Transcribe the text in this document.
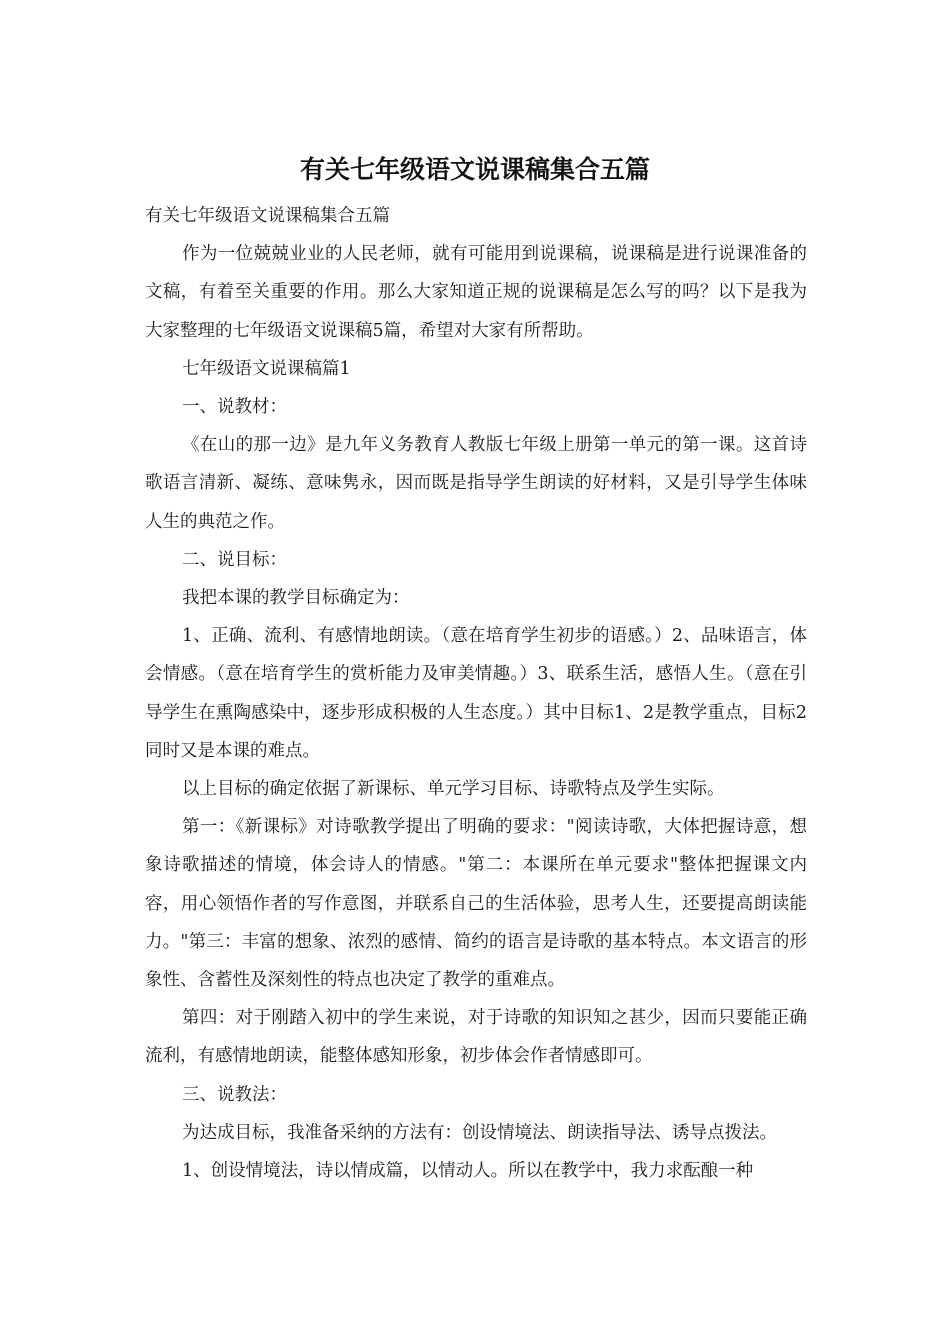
有关七年级语文说课稿集合五篇

有关七年级语文说课稿集合五篇

作为一位兢兢业业的人民老师，就有可能用到说课稿，说课稿是进行说课准备的文稿，有着至关重要的作用。那么大家知道正规的说课稿是怎么写的吗？以下是我为大家整理的七年级语文说课稿5篇，希望对大家有所帮助。

七年级语文说课稿篇1

一、说教材：

《在山的那一边》是九年义务教育人教版七年级上册第一单元的第一课。这首诗歌语言清新、凝练、意味隽永，因而既是指导学生朗读的好材料，又是引导学生体味人生的典范之作。

二、说目标：

我把本课的教学目标确定为：

1、正确、流利、有感情地朗读。（意在培育学生初步的语感。）2、品味语言，体会情感。（意在培育学生的赏析能力及审美情趣。）3、联系生活，感悟人生。（意在引导学生在熏陶感染中，逐步形成积极的人生态度。）其中目标1、2是教学重点，目标2同时又是本课的难点。

以上目标的确定依据了新课标、单元学习目标、诗歌特点及学生实际。

第一：《新课标》对诗歌教学提出了明确的要求："阅读诗歌，大体把握诗意，想象诗歌描述的情境，体会诗人的情感。"第二：本课所在单元要求"整体把握课文内容，用心领悟作者的写作意图，并联系自己的生活体验，思考人生，还要提高朗读能力。"第三：丰富的想象、浓烈的感情、简约的语言是诗歌的基本特点。本文语言的形象性、含蓄性及深刻性的特点也决定了教学的重难点。

第四：对于刚踏入初中的学生来说，对于诗歌的知识知之甚少，因而只要能正确流利，有感情地朗读，能整体感知形象，初步体会作者情感即可。

三、说教法：

为达成目标，我准备采纳的方法有：创设情境法、朗读指导法、诱导点拨法。

1、创设情境法，诗以情成篇，以情动人。所以在教学中，我力求酝酿一种
